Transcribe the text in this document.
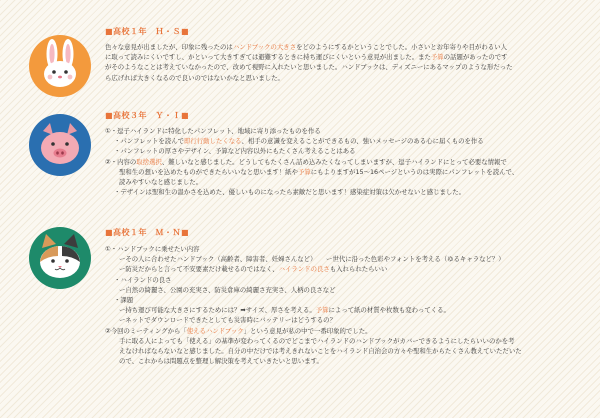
■高校１年　Ｈ・Ｓ■
色々な意見が出ましたが、印象に残ったのはハンドブックの大きさをどのようにするかということでした。小さいとお年寄りや目がわるい人
に取って読みにくいですし、かといって大きすぎては避難するときに持ち運びにくいという意見が出ました。また予算の話題があったのです
がそのようなことは考えていなかったので、改めて視野に入れたいと思いました。ハンドブックは、ディズニーにあるマップのような形だった
ら広げれば大きくなるので良いのではないかなと思いました。
■高校３年　Ｙ・Ｉ■
①・逗子ハイランドに特化したパンフレット、地域に寄り添ったものを作る
・パンフレットを読んで即行行動したくなる、相手の意識を変えることができるもの、強いメッセージのある心に届くものを作る
・パンフレットの厚さやデザイン、予算など内容以外にもたくさん考えることはある
②・内容の取捨選択、難しいなと感じました。どうしてもたくさん詰め込みたくなってしまいますが、逗子ハイランドにとって必要な情報で
聖和生の想いを込めたものができたらいいなと思います！紙や予算にもよりますが15〜16ページというのは実際にパンフレットを読んで、
読みやすいなと感じました。
・デザインは聖和生の温かさを込めた、優しいものになったら素敵だと思います！感染症対策は欠かせないと感じました。
■高校１年　Ｍ・Ｎ■
①・ハンドブックに乗せたい内容
ーその人に合わせたハンドブック（高齢者、障害者、妊婦さんなど）　　ー世代に沿った色彩やフォントを考える（ゆるキャラなど？）
ー防災だからと言って不安要素だけ載せるのではなく、ハイランドの良さも入れられたらいい
・ハイランドの良さ
ー自然の綺麗さ、公園の充実さ、防災倉庫の綺麗さ充実さ、人柄の良さなど
・課題
ー持ち運び可能な大きさにするためには？➡サイズ、厚さを考える。予算によって紙の材質や枚数も変わってくる。
ーネットでダウンロードできたとしても災害時にバッテリーはどうするの？
②今回のミーティングから「使えるハンドブック」という意見が私の中で一番印象的でした。
手に取る人によっても「使える」の基準が変わってくるのでどこまでハイランドのハンドブックがカバーできるようにしたらいいのかを考
えなければならないなと感じました。自分の中だけでは考えきれないことをハイランド自治会の方々や聖和生からたくさん教えていただいた
ので、これからは問題点を整理し解決策を考えていきたいと思います。
